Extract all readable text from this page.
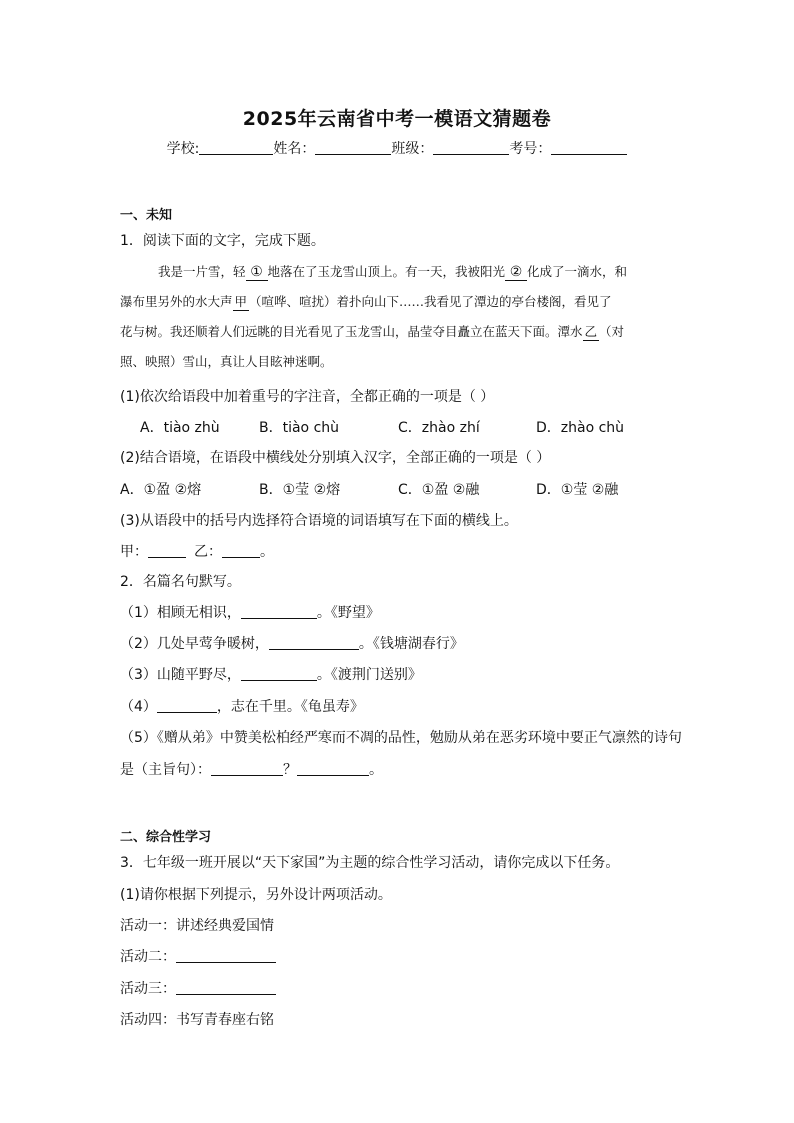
2025年云南省中考一模语文猜题卷
学校:	姓名：	班级：	考号：
一、未知
1．阅读下面的文字，完成下题。
我是一片雪，轻 ① 地落在了玉龙雪山顶上。有一天，我被阳光 ② 化成了一滴水，和
瀑布里另外的水大声 甲 （喧哗、喧扰）着扑向山下……我看见了潭边的亭台楼阁，看见了
花与树。我还顺着人们远眺的目光看见了玉龙雪山，晶莹夺目矗立在蓝天下面。潭水 乙 （对
照、映照）雪山，真让人目眩神迷啊。
(1)依次给语段中加着重号的字注音，全都正确的一项是（ ）
A．tiào zhù	B．tiào chù	C．zhào zhí	D．zhào chù
(2)结合语境，在语段中横线处分别填入汉字，全部正确的一项是（ ）
A．①盈 ②熔	B．①莹 ②熔	C．①盈 ②融	D．①莹 ②融
(3)从语段中的括号内选择符合语境的词语填写在下面的横线上。
甲：	乙：	。
2．名篇名句默写。
（1）相顾无相识，	。《野望》
（2）几处早莺争暖树，	。《钱塘湖春行》
（3）山随平野尽，	。《渡荆门送别》
（4）	，志在千里。《龟虽寿》
（5）《赠从弟》中赞美松柏经严寒而不凋的品性，勉励从弟在恶劣环境中要正气凛然的诗句
是（主旨句）：	？	。
二、综合性学习
3．七年级一班开展以“天下家国”为主题的综合性学习活动，请你完成以下任务。
(1)请你根据下列提示，另外设计两项活动。
活动一：讲述经典爱国情
活动二：
活动三：
活动四：书写青春座右铭
